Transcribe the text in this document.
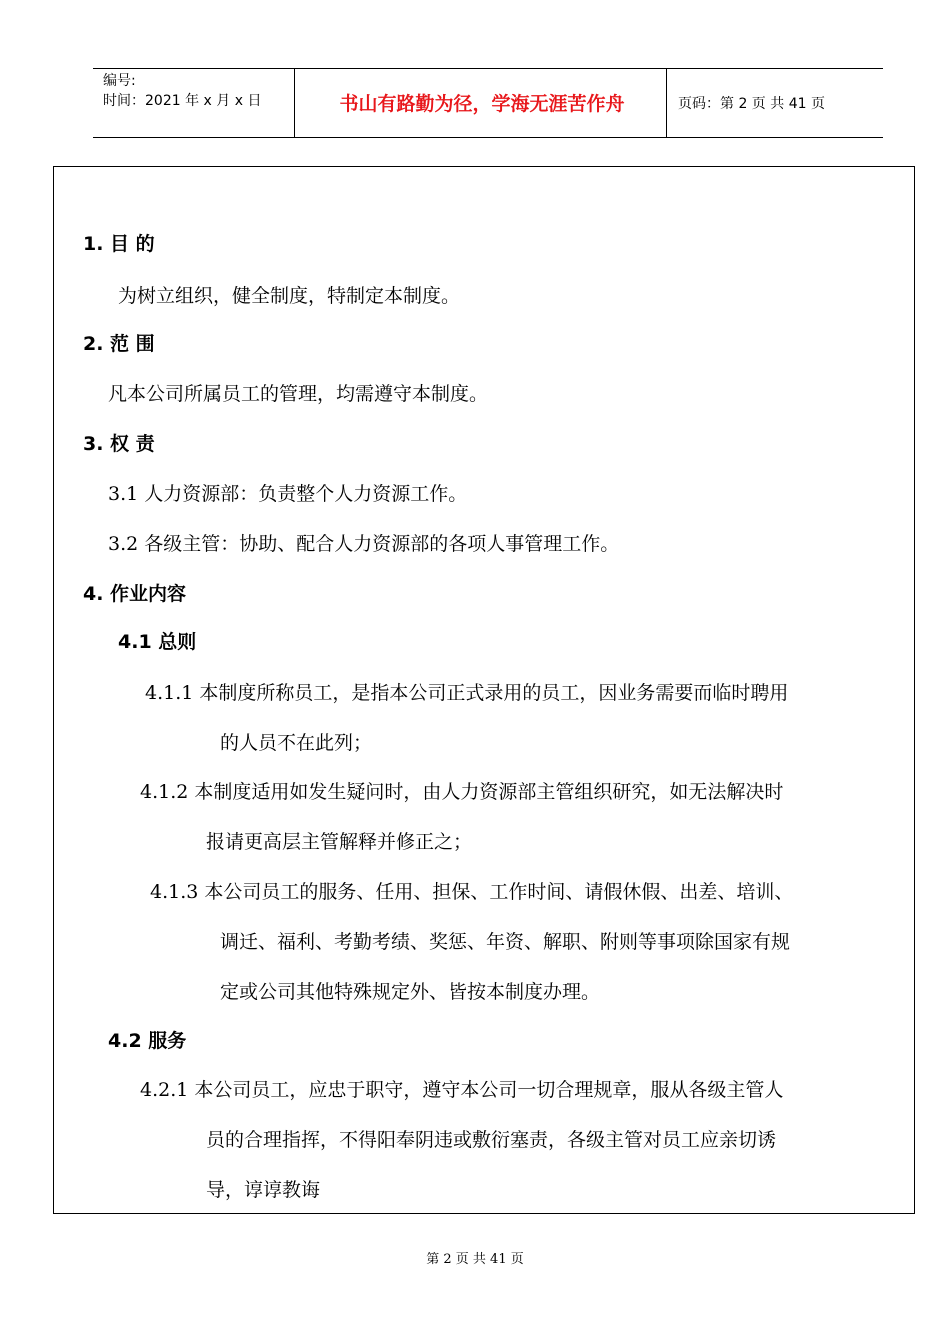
编号:
时间：2021 年 x 月 x 日	书山有路勤为径，学海无涯苦作舟	页码：第 2 页 共 41 页
1. 目 的
为树立组织，健全制度，特制定本制度。
2. 范 围
凡本公司所属员工的管理，均需遵守本制度。
3. 权 责
3.1 人力资源部：负责整个人力资源工作。
3.2 各级主管：协助、配合人力资源部的各项人事管理工作。
4. 作业内容
4.1 总则
4.1.1 本制度所称员工，是指本公司正式录用的员工，因业务需要而临时聘用
的人员不在此列；
4.1.2 本制度适用如发生疑问时，由人力资源部主管组织研究，如无法解决时
报请更高层主管解释并修正之；
4.1.3 本公司员工的服务、任用、担保、工作时间、请假休假、出差、培训、
调迁、福利、考勤考绩、奖惩、年资、解职、附则等事项除国家有规
定或公司其他特殊规定外、皆按本制度办理。
4.2 服务
4.2.1 本公司员工，应忠于职守，遵守本公司一切合理规章，服从各级主管人
员的合理指挥，不得阳奉阴违或敷衍塞责，各级主管对员工应亲切诱
导，谆谆教诲
第 2 页 共 41 页
